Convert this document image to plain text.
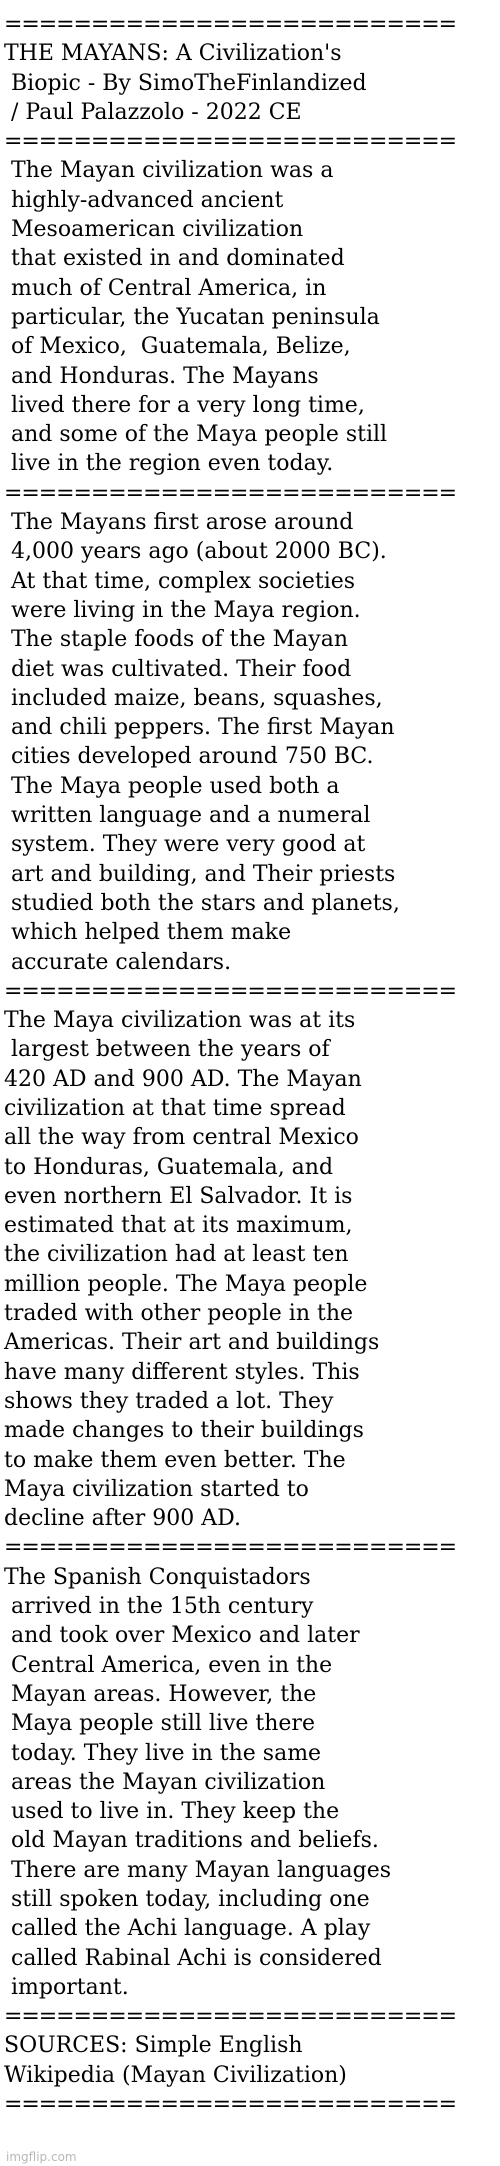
==========================
THE MAYANS: A Civilization's
Biopic - By SimoTheFinlandized
/ Paul Palazzolo - 2022 CE
==========================
The Mayan civilization was a
highly-advanced ancient
Mesoamerican civilization
that existed in and dominated
much of Central America, in
particular, the Yucatan peninsula
of Mexico,  Guatemala, Belize,
and Honduras. The Mayans
lived there for a very long time,
and some of the Maya people still
live in the region even today.
==========================
The Mayans first arose around
4,000 years ago (about 2000 BC).
At that time, complex societies
were living in the Maya region.
The staple foods of the Mayan
diet was cultivated. Their food
included maize, beans, squashes,
and chili peppers. The first Mayan
cities developed around 750 BC.
The Maya people used both a
written language and a numeral
system. They were very good at
art and building, and Their priests
studied both the stars and planets,
which helped them make
accurate calendars.
==========================
The Maya civilization was at its
largest between the years of
420 AD and 900 AD. The Mayan
civilization at that time spread
all the way from central Mexico
to Honduras, Guatemala, and
even northern El Salvador. It is
estimated that at its maximum,
the civilization had at least ten
million people. The Maya people
traded with other people in the
Americas. Their art and buildings
have many different styles. This
shows they traded a lot. They
made changes to their buildings
to make them even better. The
Maya civilization started to
decline after 900 AD.
==========================
The Spanish Conquistadors
arrived in the 15th century
and took over Mexico and later
Central America, even in the
Mayan areas. However, the
Maya people still live there
today. They live in the same
areas the Mayan civilization
used to live in. They keep the
old Mayan traditions and beliefs.
There are many Mayan languages
still spoken today, including one
called the Achi language. A play
called Rabinal Achi is considered
important.
==========================
SOURCES: Simple English
Wikipedia (Mayan Civilization)
==========================
imgflip.com
